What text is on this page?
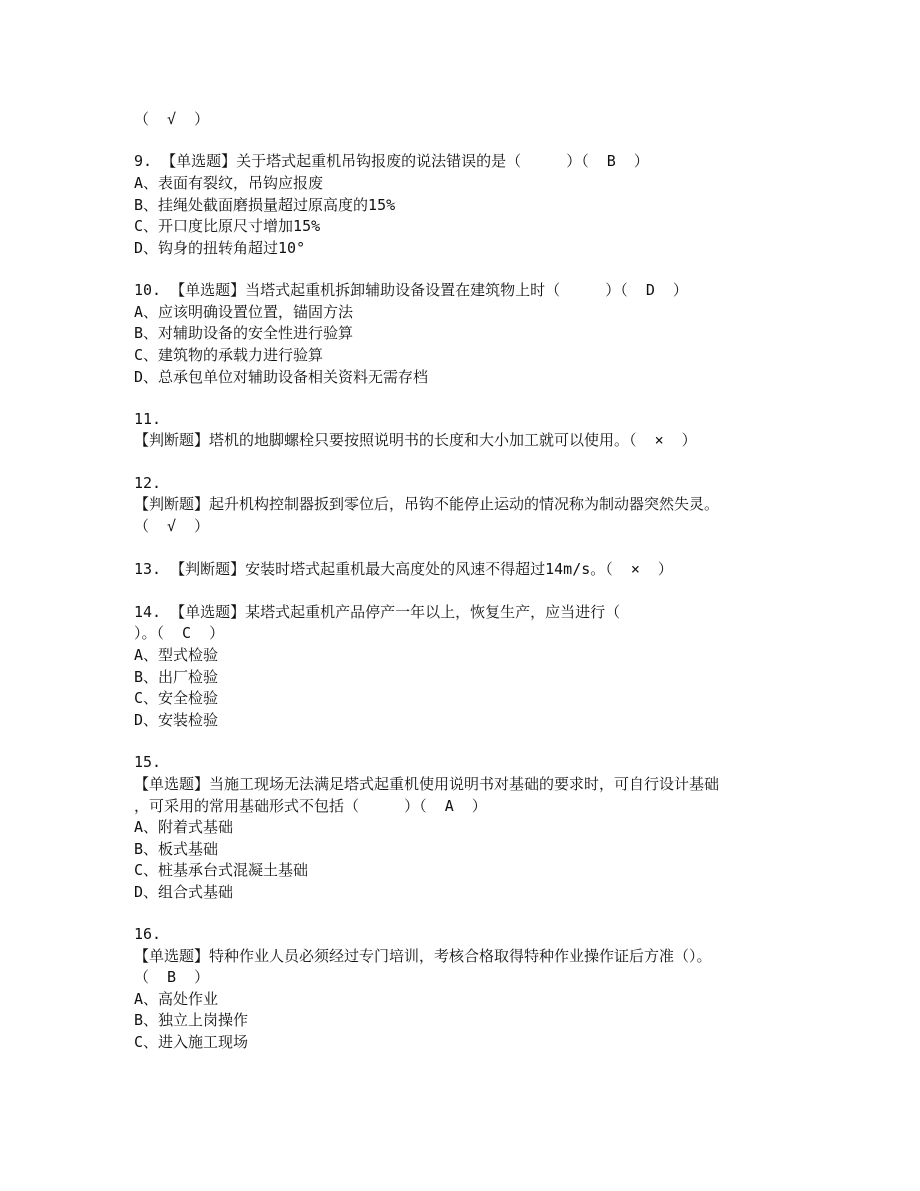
（  √  ）
9. 【单选题】关于塔式起重机吊钩报废的说法错误的是（     ）（  B  ）
A、表面有裂纹，吊钩应报废
B、挂绳处截面磨损量超过原高度的15%
C、开口度比原尺寸增加15%
D、钩身的扭转角超过10°
10. 【单选题】当塔式起重机拆卸辅助设备设置在建筑物上时（     ）（  D  ）
A、应该明确设置位置，锚固方法
B、对辅助设备的安全性进行验算
C、建筑物的承载力进行验算
D、总承包单位对辅助设备相关资料无需存档
11.
【判断题】塔机的地脚螺栓只要按照说明书的长度和大小加工就可以使用。（  ×  ）
12.
【判断题】起升机构控制器扳到零位后，吊钩不能停止运动的情况称为制动器突然失灵。
（  √  ）
13. 【判断题】安装时塔式起重机最大高度处的风速不得超过14m/s。（  ×  ）
14. 【单选题】某塔式起重机产品停产一年以上，恢复生产，应当进行（
）。（  C  ）
A、型式检验
B、出厂检验
C、安全检验
D、安装检验
15.
【单选题】当施工现场无法满足塔式起重机使用说明书对基础的要求时，可自行设计基础
，可采用的常用基础形式不包括（     ）（  A  ）
A、附着式基础
B、板式基础
C、桩基承台式混凝土基础
D、组合式基础
16.
【单选题】特种作业人员必须经过专门培训，考核合格取得特种作业操作证后方准（）。
（  B  ）
A、高处作业
B、独立上岗操作
C、进入施工现场
